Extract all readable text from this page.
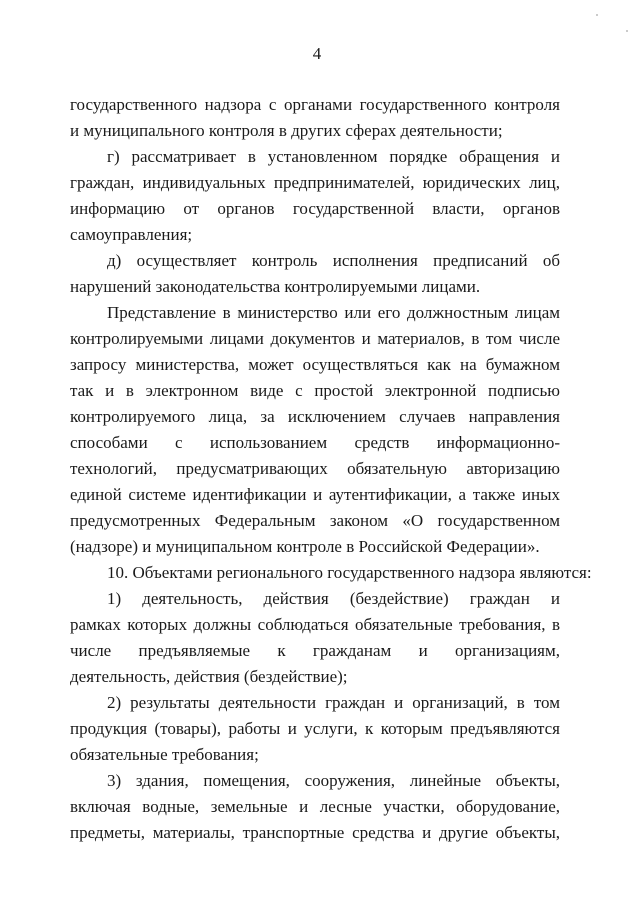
4
государственного надзора с органами государственного контроля
и муниципального контроля в других сферах деятельности;
г) рассматривает в установленном порядке обращения и
граждан, индивидуальных предпринимателей, юридических лиц,
информацию от органов государственной власти, органов
самоуправления;
д) осуществляет контроль исполнения предписаний об
нарушений законодательства контролируемыми лицами.
Представление в министерство или его должностным лицам
контролируемыми лицами документов и материалов, в том числе
запросу министерства, может осуществляться как на бумажном
так и в электронном виде с простой электронной подписью
контролируемого лица, за исключением случаев направления
способами с использованием средств информационно-
технологий, предусматривающих обязательную авторизацию
единой системе идентификации и аутентификации, а также иных
предусмотренных Федеральным законом «О государственном
(надзоре) и муниципальном контроле в Российской Федерации».
10. Объектами регионального государственного надзора являются:
1) деятельность, действия (бездействие) граждан и
рамках которых должны соблюдаться обязательные требования, в
числе предъявляемые к гражданам и организациям,
деятельность, действия (бездействие);
2) результаты деятельности граждан и организаций, в том
продукция (товары), работы и услуги, к которым предъявляются
обязательные требования;
3) здания, помещения, сооружения, линейные объекты,
включая водные, земельные и лесные участки, оборудование,
предметы, материалы, транспортные средства и другие объекты,
